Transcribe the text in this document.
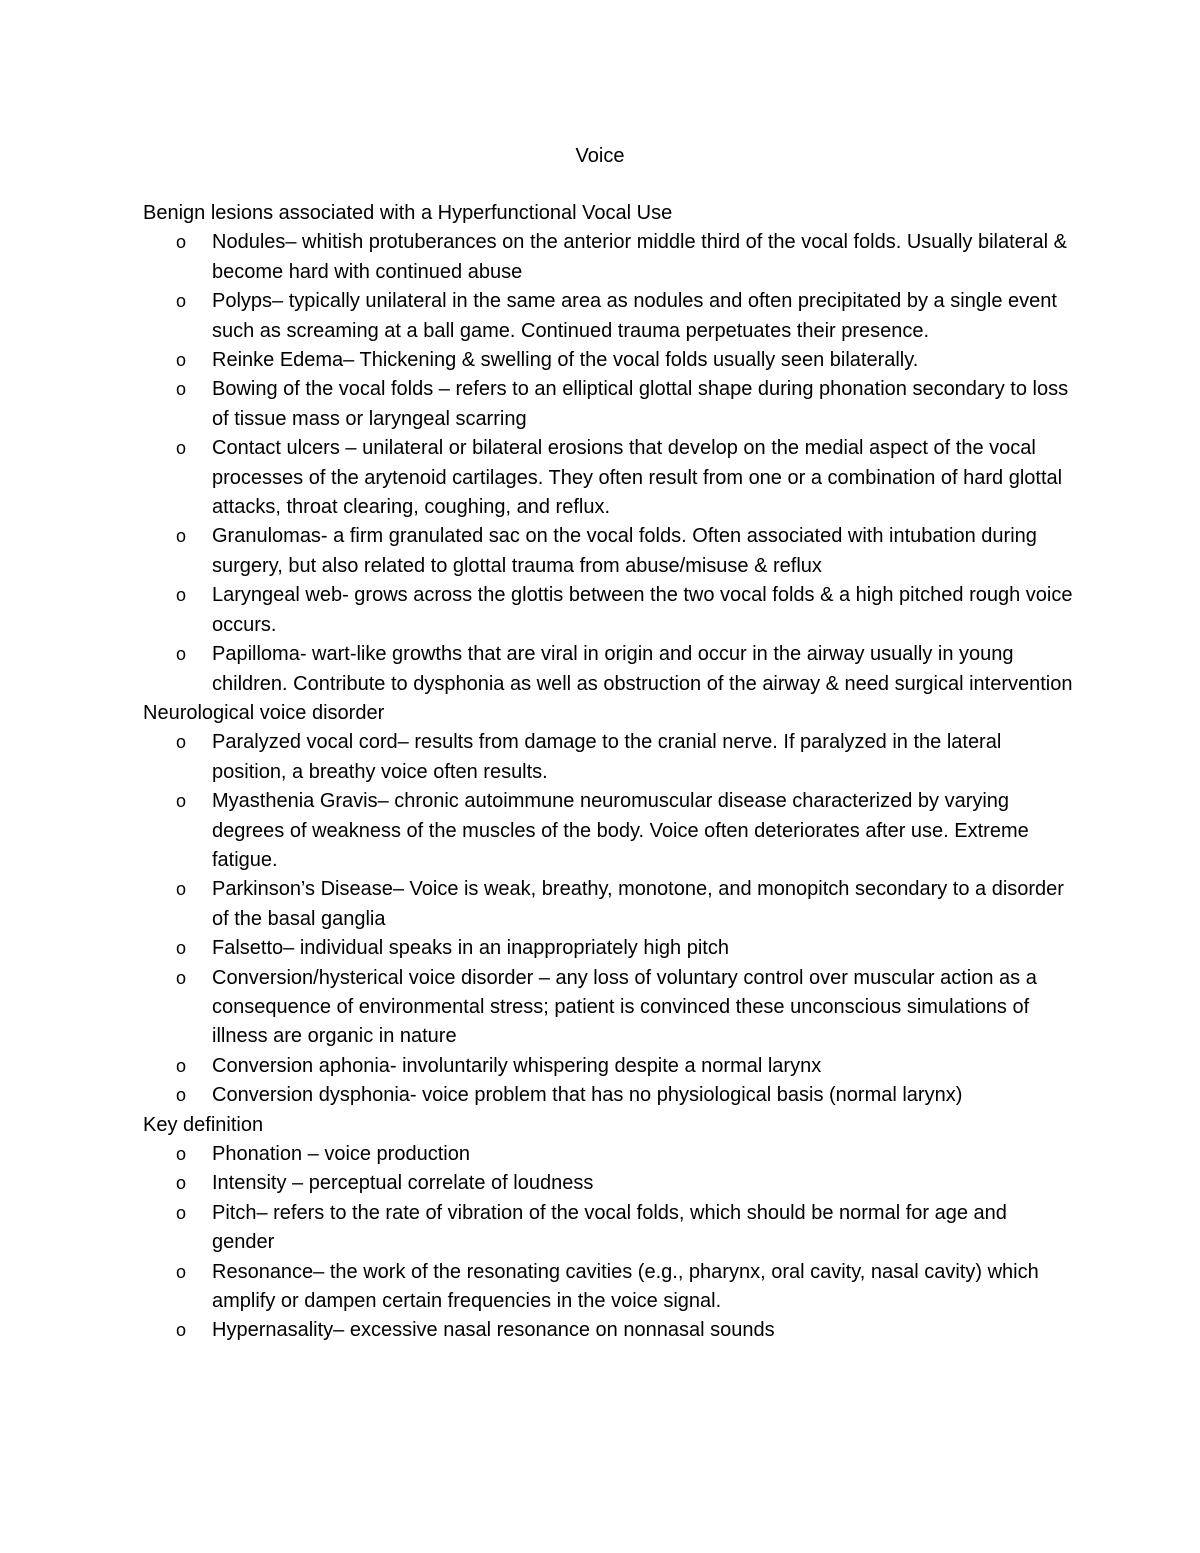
Voice
Benign lesions associated with a Hyperfunctional Vocal Use
o Nodules– whitish protuberances on the anterior middle third of the vocal folds. Usually bilateral & become hard with continued abuse
o Polyps– typically unilateral in the same area as nodules and often precipitated by a single event such as screaming at a ball game. Continued trauma perpetuates their presence.
o Reinke Edema– Thickening & swelling of the vocal folds usually seen bilaterally.
o Bowing of the vocal folds – refers to an elliptical glottal shape during phonation secondary to loss of tissue mass or laryngeal scarring
o Contact ulcers – unilateral or bilateral erosions that develop on the medial aspect of the vocal processes of the arytenoid cartilages. They often result from one or a combination of hard glottal attacks, throat clearing, coughing, and reflux.
o Granulomas- a firm granulated sac on the vocal folds. Often associated with intubation during surgery, but also related to glottal trauma from abuse/misuse & reflux
o Laryngeal web- grows across the glottis between the two vocal folds & a high pitched rough voice occurs.
o Papilloma- wart-like growths that are viral in origin and occur in the airway usually in young children. Contribute to dysphonia as well as obstruction of the airway & need surgical intervention
Neurological voice disorder
o Paralyzed vocal cord– results from damage to the cranial nerve. If paralyzed in the lateral position, a breathy voice often results.
o Myasthenia Gravis– chronic autoimmune neuromuscular disease characterized by varying degrees of weakness of the muscles of the body. Voice often deteriorates after use. Extreme fatigue.
o Parkinson’s Disease– Voice is weak, breathy, monotone, and monopitch secondary to a disorder of the basal ganglia
o Falsetto– individual speaks in an inappropriately high pitch
o Conversion/hysterical voice disorder – any loss of voluntary control over muscular action as a consequence of environmental stress; patient is convinced these unconscious simulations of illness are organic in nature
o Conversion aphonia- involuntarily whispering despite a normal larynx
o Conversion dysphonia- voice problem that has no physiological basis (normal larynx)
Key definition
o Phonation – voice production
o Intensity – perceptual correlate of loudness
o Pitch– refers to the rate of vibration of the vocal folds, which should be normal for age and gender
o Resonance– the work of the resonating cavities (e.g., pharynx, oral cavity, nasal cavity) which amplify or dampen certain frequencies in the voice signal.
o Hypernasality– excessive nasal resonance on nonnasal sounds
